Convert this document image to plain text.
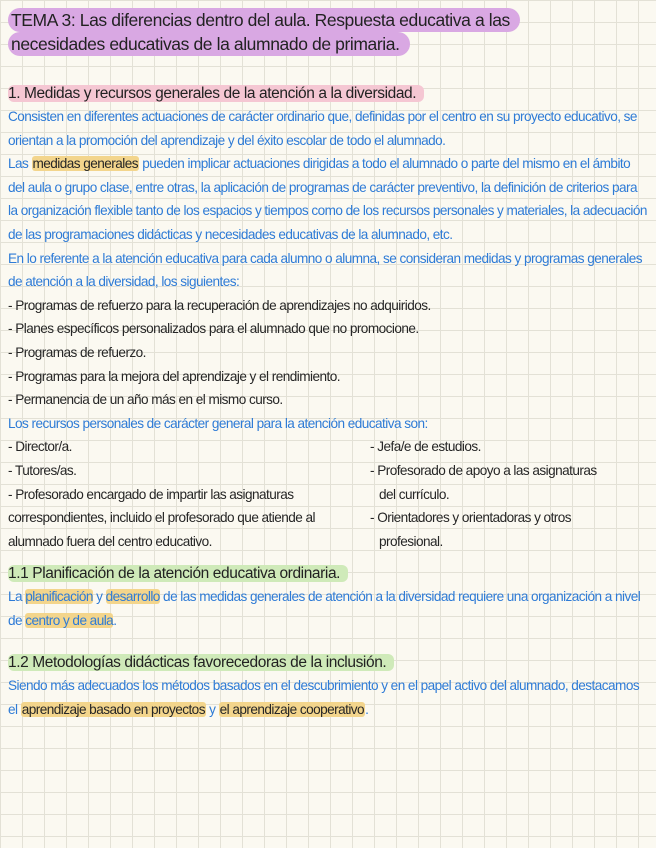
TEMA 3: Las diferencias dentro del aula. Respuesta educativa a las
necesidades educativas de la alumnado de primaria.
1. Medidas y recursos generales de la atención a la diversidad.

Consisten en diferentes actuaciones de carácter ordinario que, definidas por el centro en su proyecto educativo, se orientan a la promoción del aprendizaje y del éxito escolar de todo el alumnado.

Las medidas generales pueden implicar actuaciones dirigidas a todo el alumnado o parte del mismo en el ámbito del aula o grupo clase, entre otras, la aplicación de programas de carácter preventivo, la definición de criterios para la organización flexible tanto de los espacios y tiempos como de los recursos personales y materiales, la adecuación de las programaciones didácticas y necesidades educativas de la alumnado, etc.

En lo referente a la atención educativa para cada alumno o alumna, se consideran medidas y programas generales de atención a la diversidad, los siguientes:

- Programas de refuerzo para la recuperación de aprendizajes no adquiridos.
- Planes específicos personalizados para el alumnado que no promocione.
- Programas de refuerzo.
- Programas para la mejora del aprendizaje y el rendimiento.
- Permanencia de un año más en el mismo curso.

Los recursos personales de carácter general para la atención educativa son:

- Director/a.
- Tutores/as.
- Profesorado encargado de impartir las asignaturas correspondientes, incluido el profesorado que atiende al alumnado fuera del centro educativo.
- Jefa/e de estudios.
- Profesorado de apoyo a las asignaturas
del currículo.
- Orientadores y orientadoras y otros
profesional.
1.1 Planificación de la atención educativa ordinaria.

La planificación y desarrollo de las medidas generales de atención a la diversidad requiere una organización a nivel de centro y de aula.

1.2 Metodologías didácticas favorecedoras de la inclusión.

Siendo más adecuados los métodos basados en el descubrimiento y en el papel activo del alumnado, destacamos el aprendizaje basado en proyectos y el aprendizaje cooperativo.
